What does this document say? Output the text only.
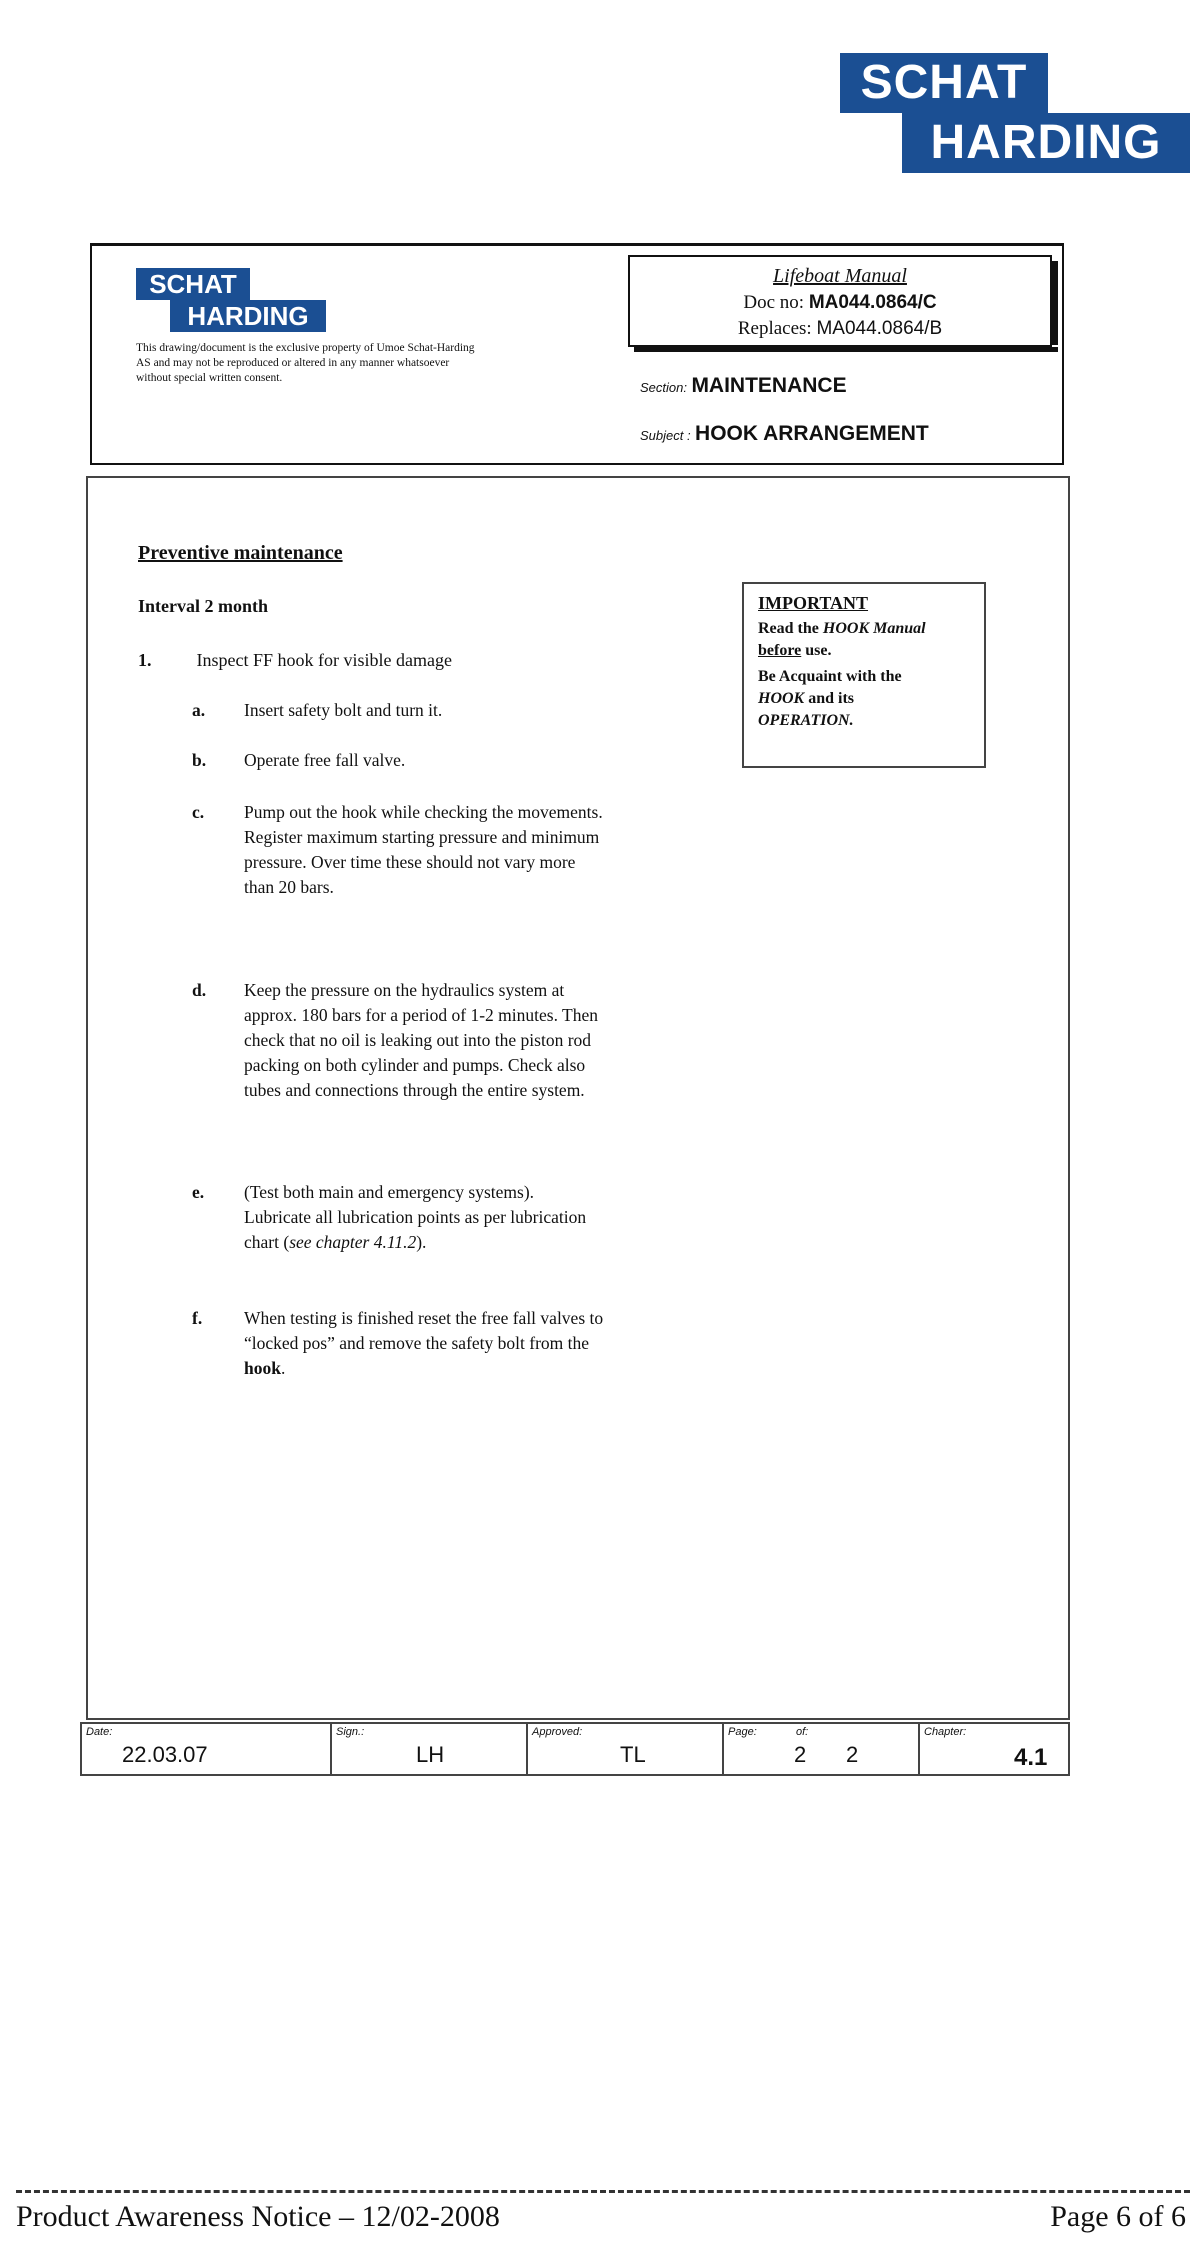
SCHAT
HARDING
SCHAT
HARDING
This drawing/document is the exclusive property of Umoe Schat-Harding AS and may not be reproduced or altered in any manner whatsoever without special written consent.
Lifeboat Manual
Doc no: MA044.0864/C
Replaces: MA044.0864/B
Section: MAINTENANCE
Subject : HOOK ARRANGEMENT
Preventive maintenance
Interval 2 month
1.	Inspect FF hook for visible damage
a.	Insert safety bolt and turn it.
b.	Operate free fall valve.
c.	Pump out the hook while checking the movements. Register maximum starting pressure and minimum pressure. Over time these should not vary more than 20 bars.
d.	Keep the pressure on the hydraulics system at approx. 180 bars for a period of 1-2 minutes. Then check that no oil is leaking out into the piston rod packing on both cylinder and pumps. Check also tubes and connections through the entire system.
e.	(Test both main and emergency systems).
Lubricate all lubrication points as per lubrication chart (see chapter 4.11.2).
f.	When testing is finished reset the free fall valves to “locked pos” and remove the safety bolt from the hook.
IMPORTANT

Read the HOOK Manual
before use.

Be Acquaint with the
HOOK and its
OPERATION.

Date:
22.03.07
Sign.:
LH
Approved:
TL
Page:	of:
2 2
Chapter:
4.1
Product Awareness Notice – 12/02-2008	Page 6 of 6
